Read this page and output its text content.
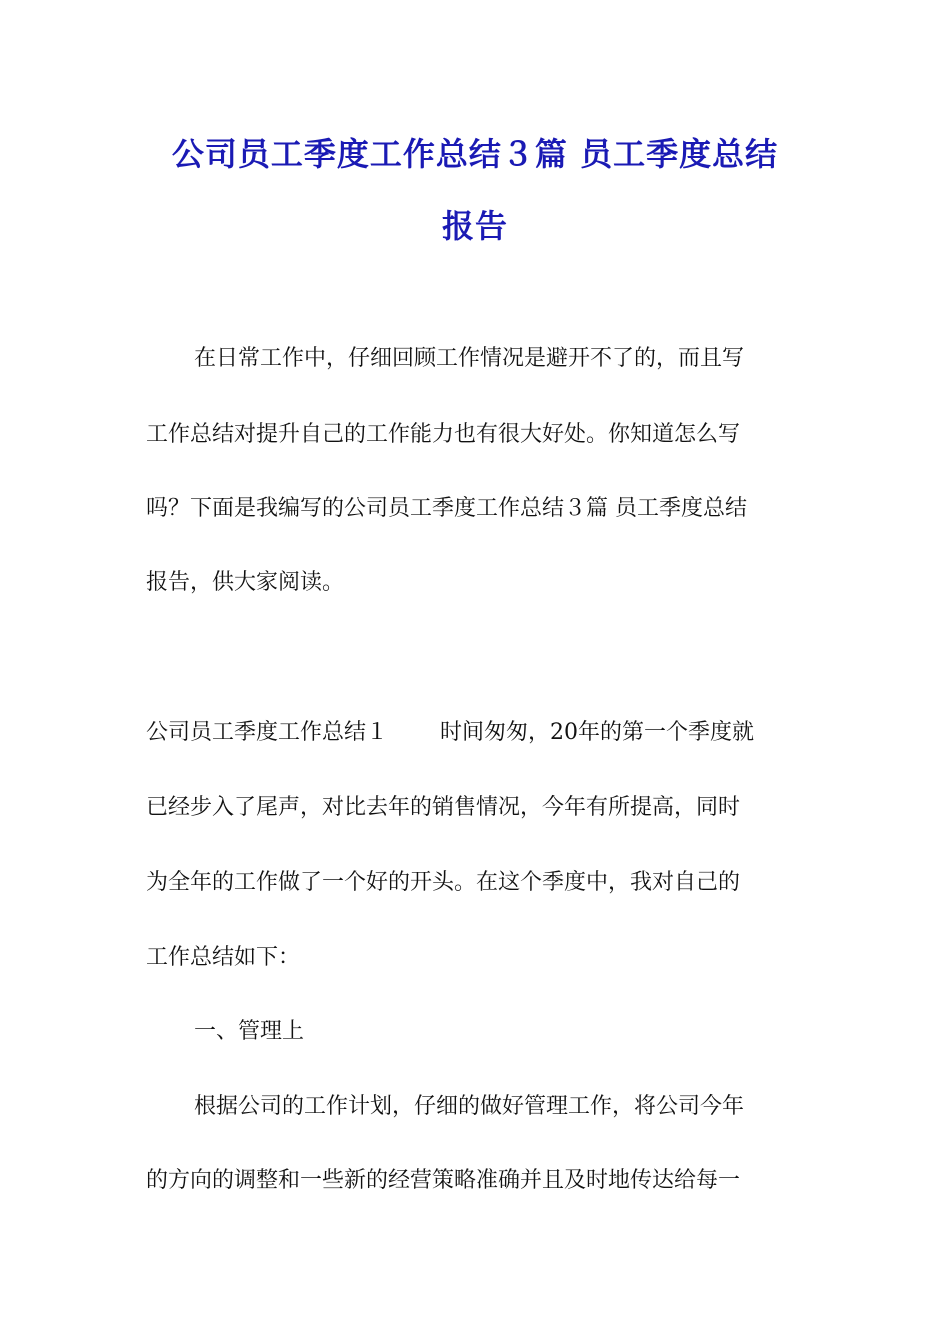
公司员工季度工作总结３篇 员工季度总结
报告

在日常工作中，仔细回顾工作情况是避开不了的，而且写

工作总结对提升自己的工作能力也有很大好处。你知道怎么写

吗？下面是我编写的公司员工季度工作总结３篇 员工季度总结

报告，供大家阅读。

公司员工季度工作总结１ 时间匆匆，20年的第一个季度就

已经步入了尾声，对比去年的销售情况，今年有所提高，同时

为全年的工作做了一个好的开头。在这个季度中，我对自己的

工作总结如下：

一、管理上

根据公司的工作计划，仔细的做好管理工作，将公司今年

的方向的调整和一些新的经营策略准确并且及时地传达给每一
